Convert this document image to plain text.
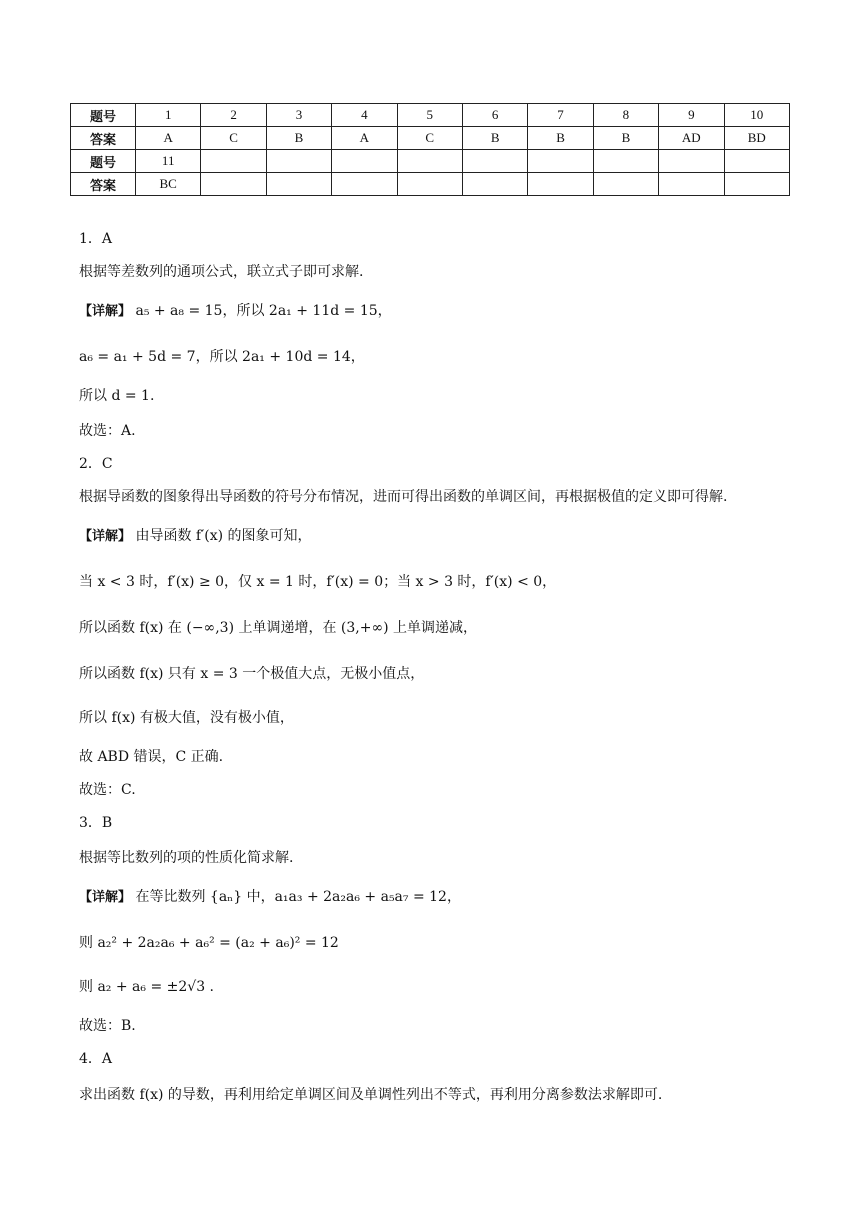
题号	1	2	3	4	5	6	7	8	9	10
答案	A	C	B	A	C	B	B	B	AD	BD
题号	11									
答案	BC									
1．A
根据等差数列的通项公式，联立式子即可求解.
【详解】 a₅ + a₈ = 15，所以 2a₁ + 11d = 15，
a₆ = a₁ + 5d = 7，所以 2a₁ + 10d = 14，
所以 d = 1.
故选：A.
2．C
根据导函数的图象得出导函数的符号分布情况，进而可得出函数的单调区间，再根据极值的定义即可得解.
【详解】 由导函数 f′(x) 的图象可知，
当 x < 3 时，f′(x) ≥ 0，仅 x = 1 时，f′(x) = 0；当 x > 3 时，f′(x) < 0，
所以函数 f(x) 在 (−∞,3) 上单调递增，在 (3,+∞) 上单调递减，
所以函数 f(x) 只有 x = 3 一个极值大点，无极小值点，
所以 f(x) 有极大值，没有极小值，
故 ABD 错误，C 正确.
故选：C.
3．B
根据等比数列的项的性质化简求解.
【详解】 在等比数列 {aₙ} 中，a₁a₃ + 2a₂a₆ + a₅a₇ = 12，
则 a₂² + 2a₂a₆ + a₆² = (a₂ + a₆)² = 12
则 a₂ + a₆ = ±2√3 .
故选：B.
4．A
求出函数 f(x) 的导数，再利用给定单调区间及单调性列出不等式，再利用分离参数法求解即可.
